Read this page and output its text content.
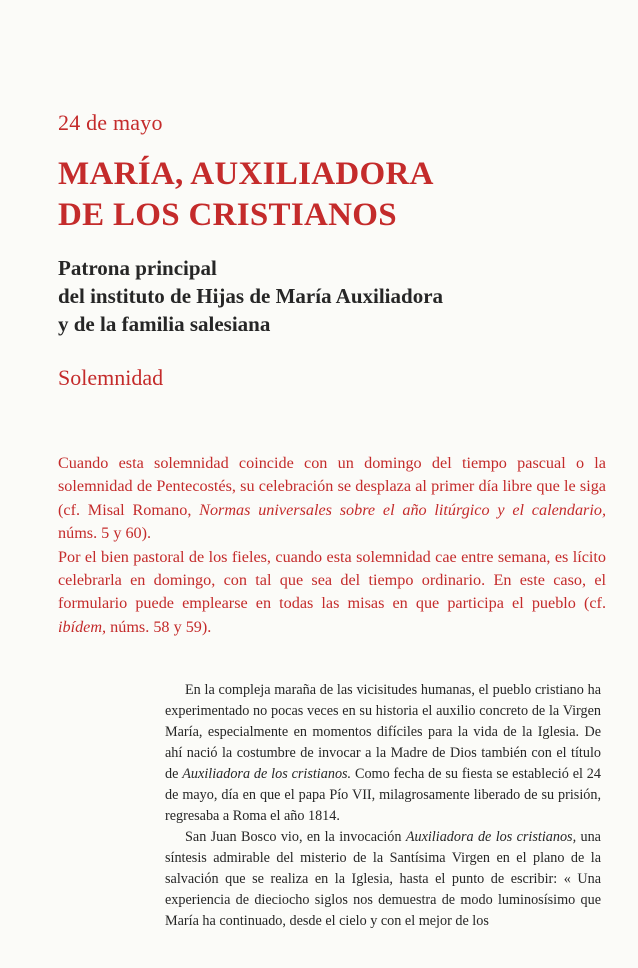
24 de mayo
MARÍA, AUXILIADORA
DE LOS CRISTIANOS
Patrona principal
del instituto de Hijas de María Auxiliadora
y de la familia salesiana
Solemnidad

Cuando esta solemnidad coincide con un domingo del tiempo pascual o la solemnidad de Pentecostés, su celebración se desplaza al primer día libre que le siga (cf. Misal Romano, Normas universales sobre el año litúrgico y el calendario, núms. 5 y 60).

Por el bien pastoral de los fieles, cuando esta solemnidad cae entre semana, es lícito celebrarla en domingo, con tal que sea del tiempo ordinario. En este caso, el formulario puede emplearse en todas las misas en que participa el pueblo (cf. ibídem, núms. 58 y 59).

En la compleja maraña de las vicisitudes humanas, el pueblo cristiano ha experimentado no pocas veces en su historia el auxilio concreto de la Virgen María, especialmente en momentos difíciles para la vida de la Iglesia. De ahí nació la costumbre de invocar a la Madre de Dios también con el título de Auxiliadora de los cristianos. Como fecha de su fiesta se estableció el 24 de mayo, día en que el papa Pío VII, milagrosamente liberado de su prisión, regresaba a Roma el año 1814.

San Juan Bosco vio, en la invocación Auxiliadora de los cristianos, una síntesis admirable del misterio de la Santísima Virgen en el plano de la salvación que se realiza en la Iglesia, hasta el punto de escribir: « Una experiencia de dieciocho siglos nos demuestra de modo luminosísimo que María ha continuado, desde el cielo y con el mejor de los
